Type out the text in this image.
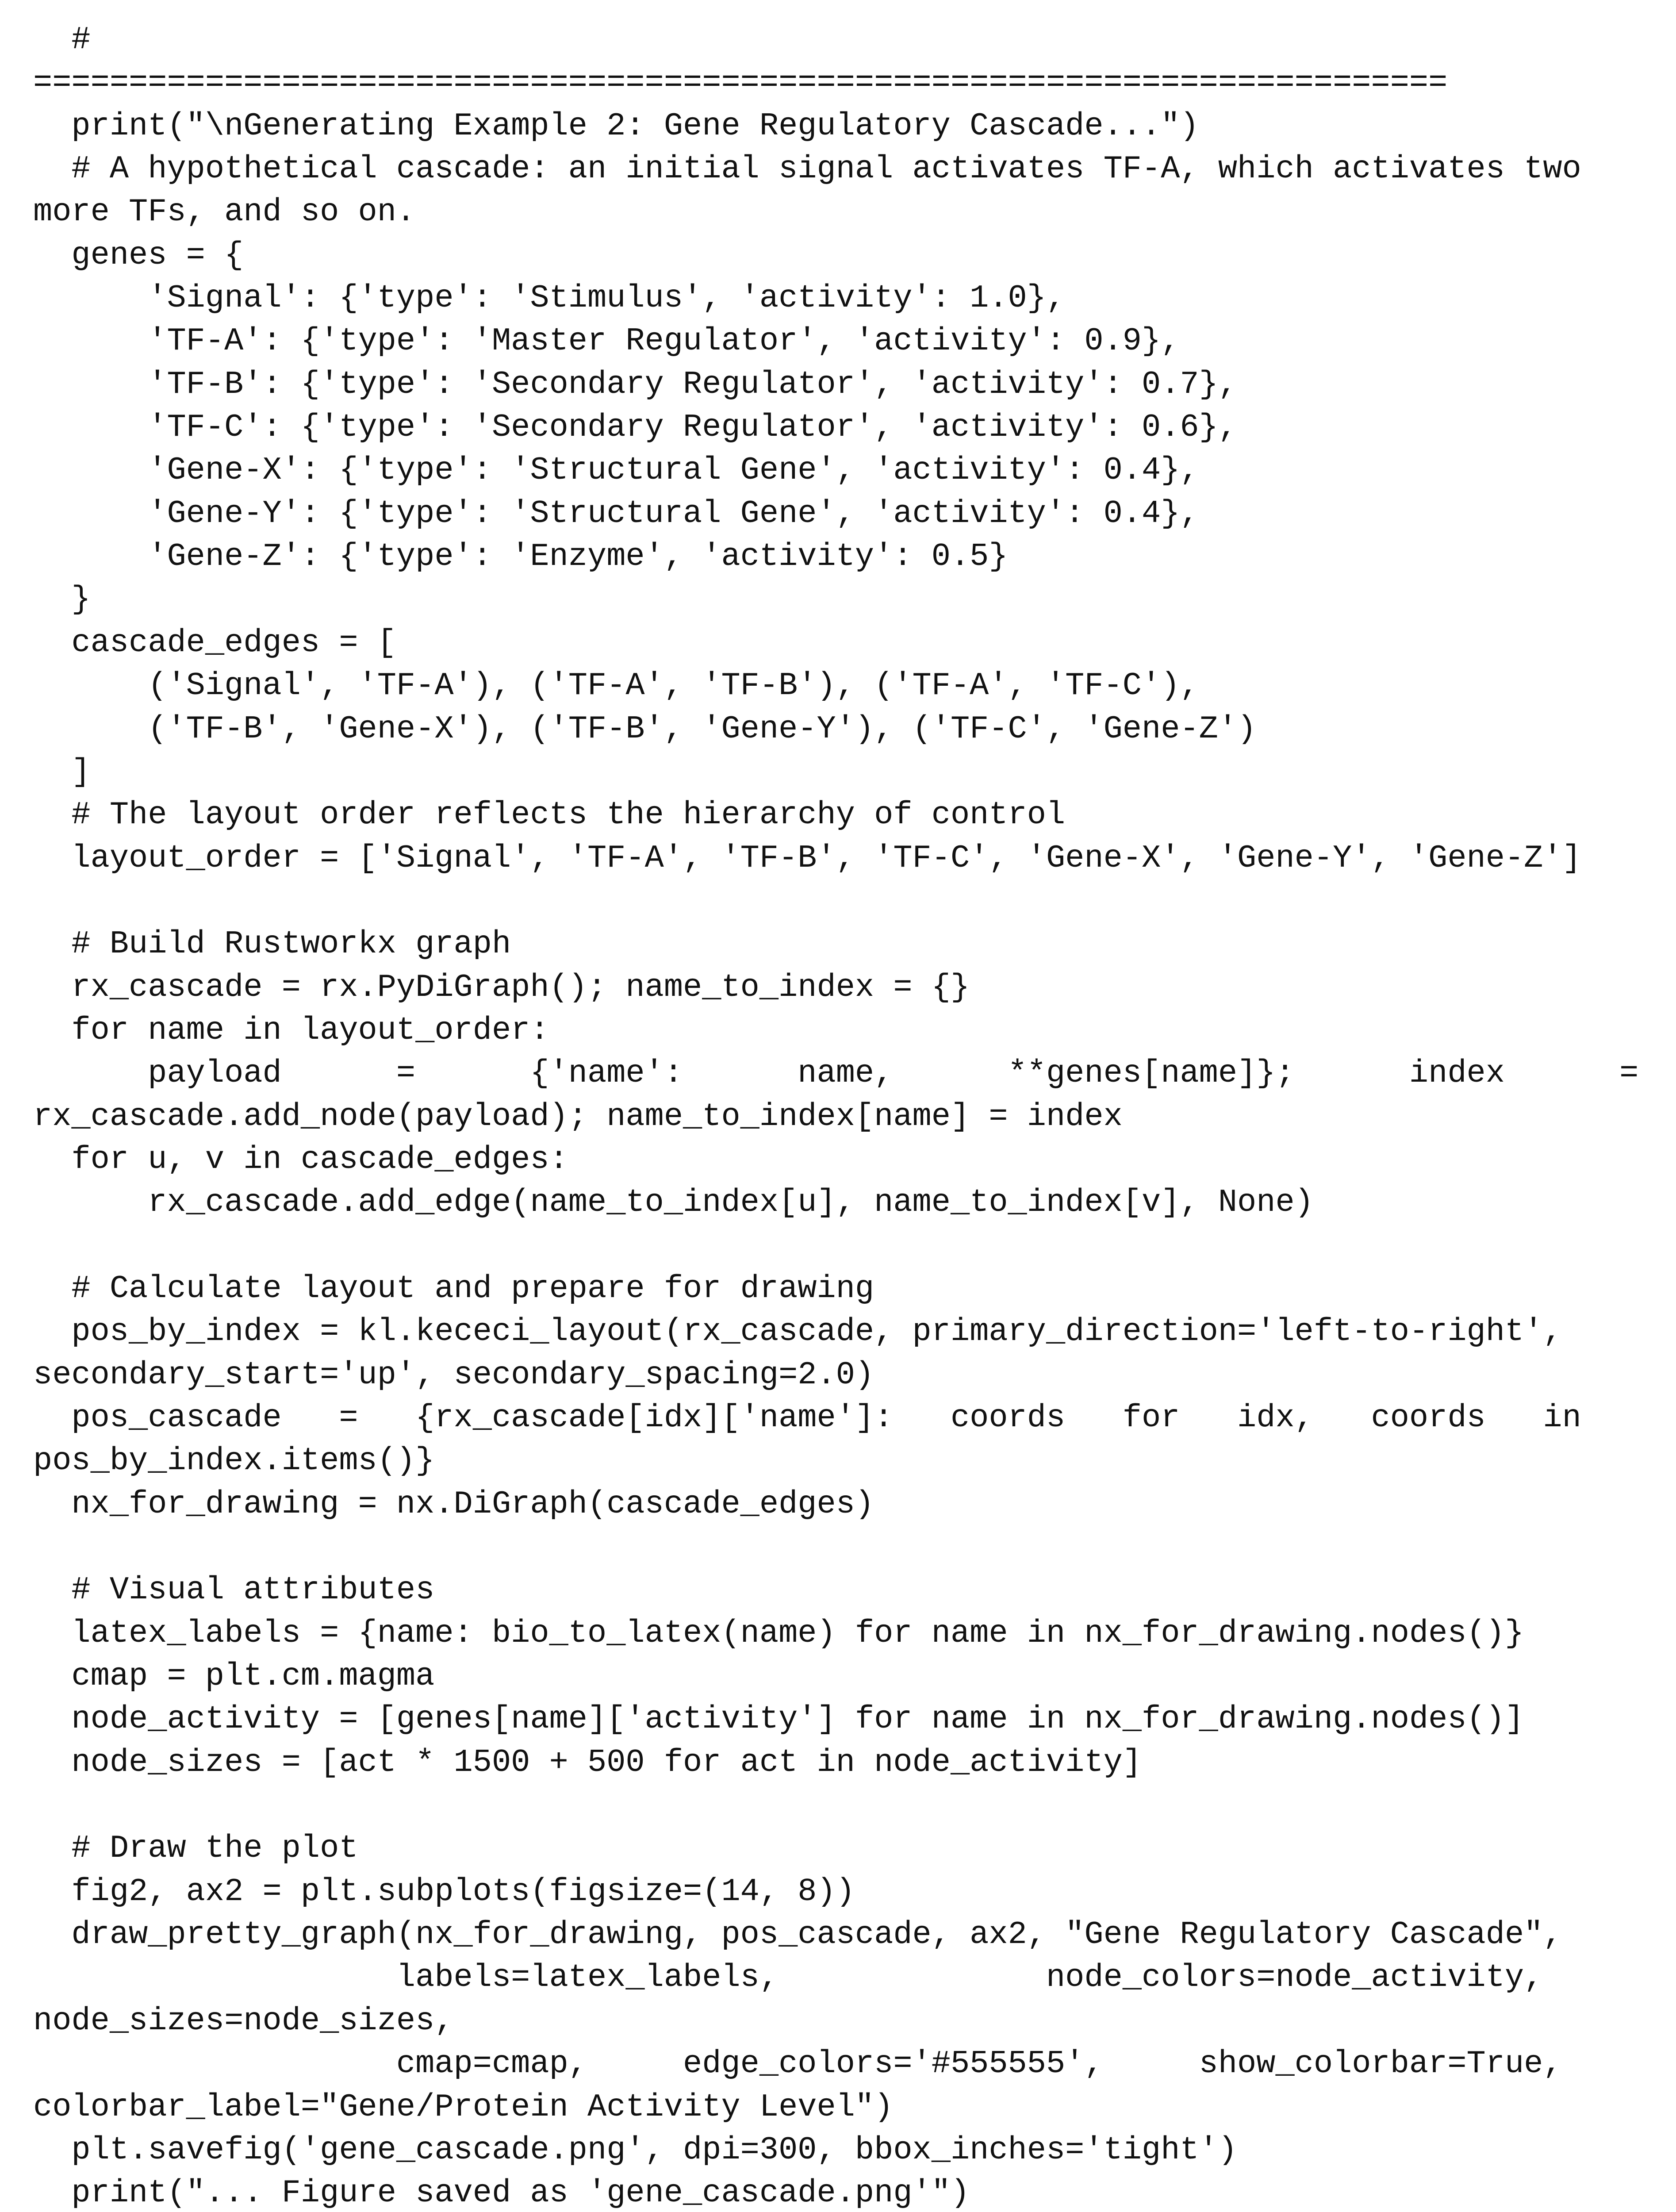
#
==========================================================================
print("\nGenerating Example 2: Gene Regulatory Cascade...")
# A hypothetical cascade: an initial signal activates TF-A, which activates two
more TFs, and so on.
genes = {
'Signal': {'type': 'Stimulus', 'activity': 1.0},
'TF-A': {'type': 'Master Regulator', 'activity': 0.9},
'TF-B': {'type': 'Secondary Regulator', 'activity': 0.7},
'TF-C': {'type': 'Secondary Regulator', 'activity': 0.6},
'Gene-X': {'type': 'Structural Gene', 'activity': 0.4},
'Gene-Y': {'type': 'Structural Gene', 'activity': 0.4},
'Gene-Z': {'type': 'Enzyme', 'activity': 0.5}
}
cascade_edges = [
('Signal', 'TF-A'), ('TF-A', 'TF-B'), ('TF-A', 'TF-C'),
('TF-B', 'Gene-X'), ('TF-B', 'Gene-Y'), ('TF-C', 'Gene-Z')
]
# The layout order reflects the hierarchy of control
layout_order = ['Signal', 'TF-A', 'TF-B', 'TF-C', 'Gene-X', 'Gene-Y', 'Gene-Z']

# Build Rustworkx graph
rx_cascade = rx.PyDiGraph(); name_to_index = {}
for name in layout_order:
payload      =      {'name':      name,      **genes[name]};      index      =
rx_cascade.add_node(payload); name_to_index[name] = index
for u, v in cascade_edges:
rx_cascade.add_edge(name_to_index[u], name_to_index[v], None)

# Calculate layout and prepare for drawing
pos_by_index = kl.kececi_layout(rx_cascade, primary_direction='left-to-right',
secondary_start='up', secondary_spacing=2.0)
pos_cascade   =   {rx_cascade[idx]['name']:   coords   for   idx,   coords   in
pos_by_index.items()}
nx_for_drawing = nx.DiGraph(cascade_edges)

# Visual attributes
latex_labels = {name: bio_to_latex(name) for name in nx_for_drawing.nodes()}
cmap = plt.cm.magma
node_activity = [genes[name]['activity'] for name in nx_for_drawing.nodes()]
node_sizes = [act * 1500 + 500 for act in node_activity]

# Draw the plot
fig2, ax2 = plt.subplots(figsize=(14, 8))
draw_pretty_graph(nx_for_drawing, pos_cascade, ax2, "Gene Regulatory Cascade",
labels=latex_labels,              node_colors=node_activity,
node_sizes=node_sizes,
cmap=cmap,     edge_colors='#555555',     show_colorbar=True,
colorbar_label="Gene/Protein Activity Level")
plt.savefig('gene_cascade.png', dpi=300, bbox_inches='tight')
print("... Figure saved as 'gene_cascade.png'")
